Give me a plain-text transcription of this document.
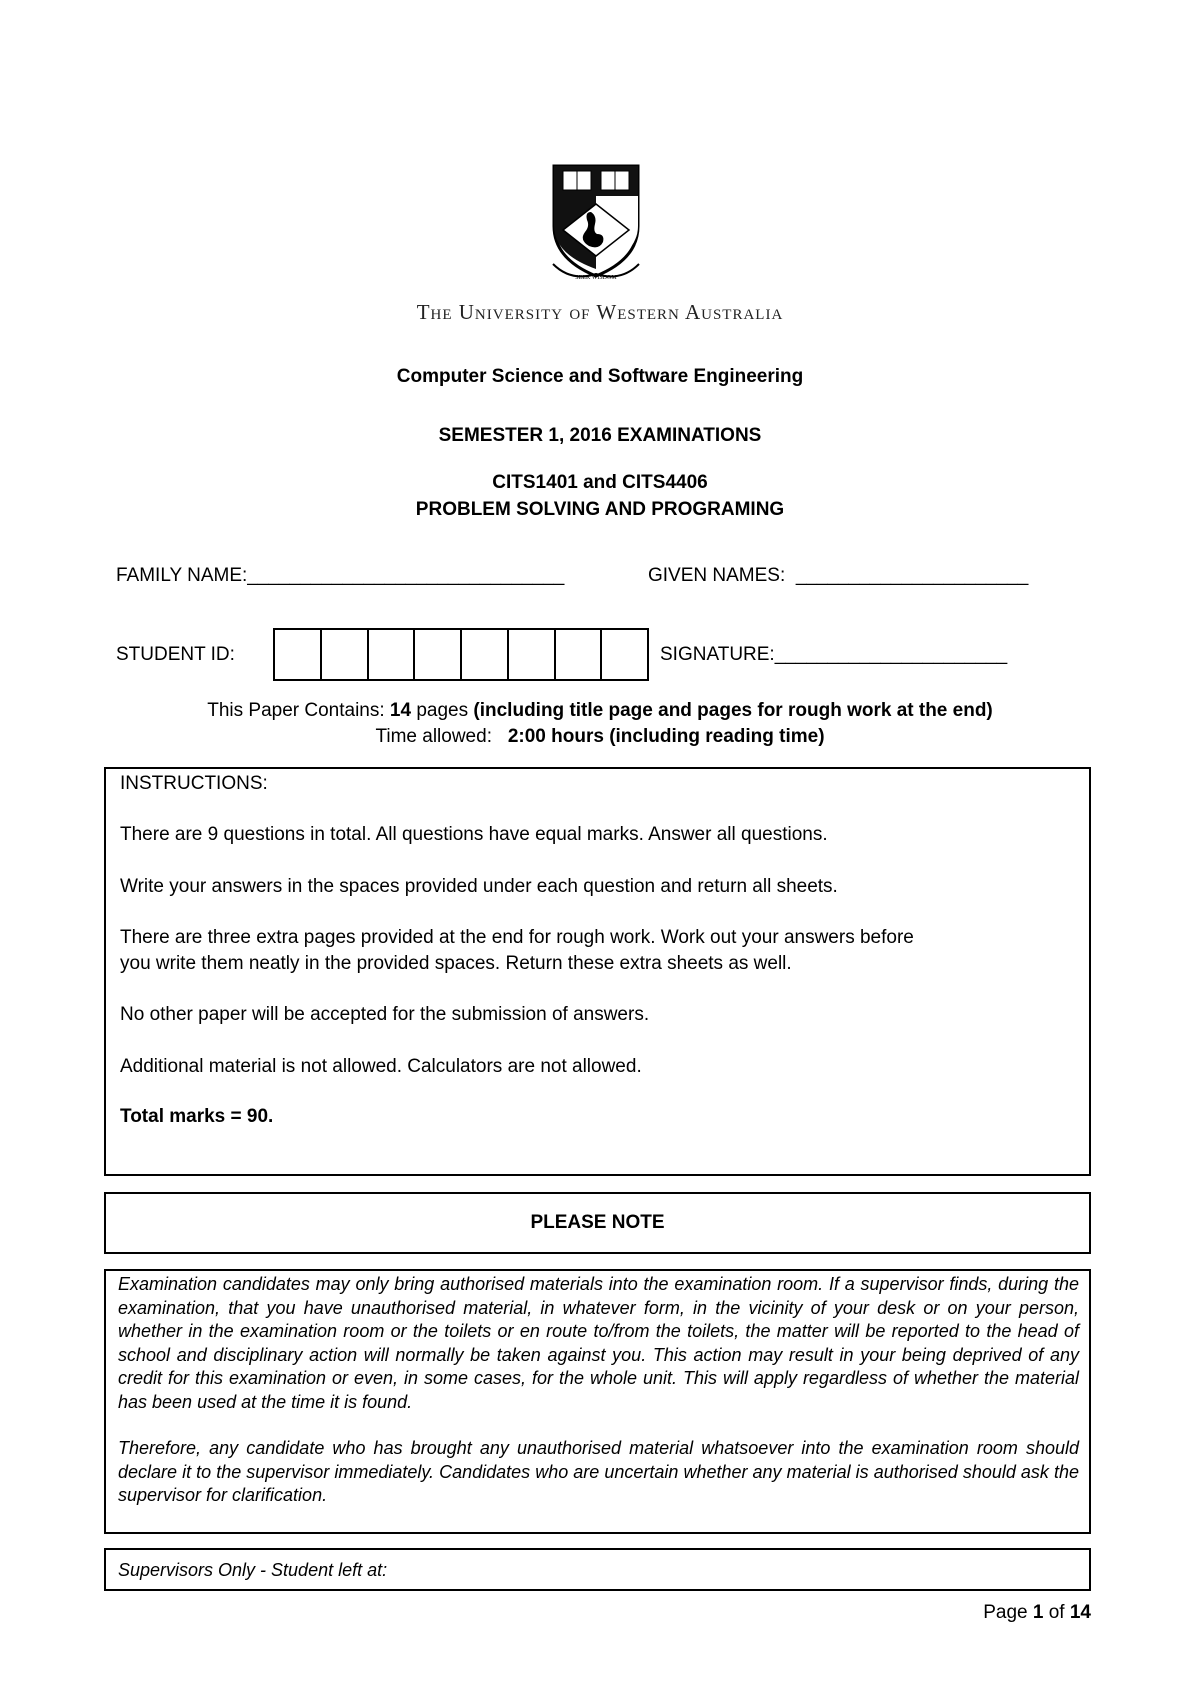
SEEK WISDOM
The University of Western Australia
Computer Science and Software Engineering
SEMESTER 1, 2016 EXAMINATIONS
CITS1401 and CITS4406
PROBLEM SOLVING AND PROGRAMING
FAMILY NAME:______________________________	GIVEN NAMES: ______________________
STUDENT ID:	SIGNATURE:______________________
This Paper Contains: 14 pages (including title page and pages for rough work at the end)
Time allowed: 2:00 hours (including reading time)
INSTRUCTIONS:
There are 9 questions in total. All questions have equal marks. Answer all questions.
Write your answers in the spaces provided under each question and return all sheets.
There are three extra pages provided at the end for rough work. Work out your answers before
you write them neatly in the provided spaces. Return these extra sheets as well.
No other paper will be accepted for the submission of answers.
Additional material is not allowed. Calculators are not allowed.
Total marks = 90.
PLEASE NOTE
Examination candidates may only bring authorised materials into the examination room. If a supervisor finds, during the examination, that you have unauthorised material, in whatever form, in the vicinity of your desk or on your person, whether in the examination room or the toilets or en route to/from the toilets, the matter will be reported to the head of school and disciplinary action will normally be taken against you. This action may result in your being deprived of any credit for this examination or even, in some cases, for the whole unit. This will apply regardless of whether the material has been used at the time it is found.
Therefore, any candidate who has brought any unauthorised material whatsoever into the examination room should declare it to the supervisor immediately. Candidates who are uncertain whether any material is authorised should ask the supervisor for clarification.
Supervisors Only - Student left at:
Page 1 of 14
